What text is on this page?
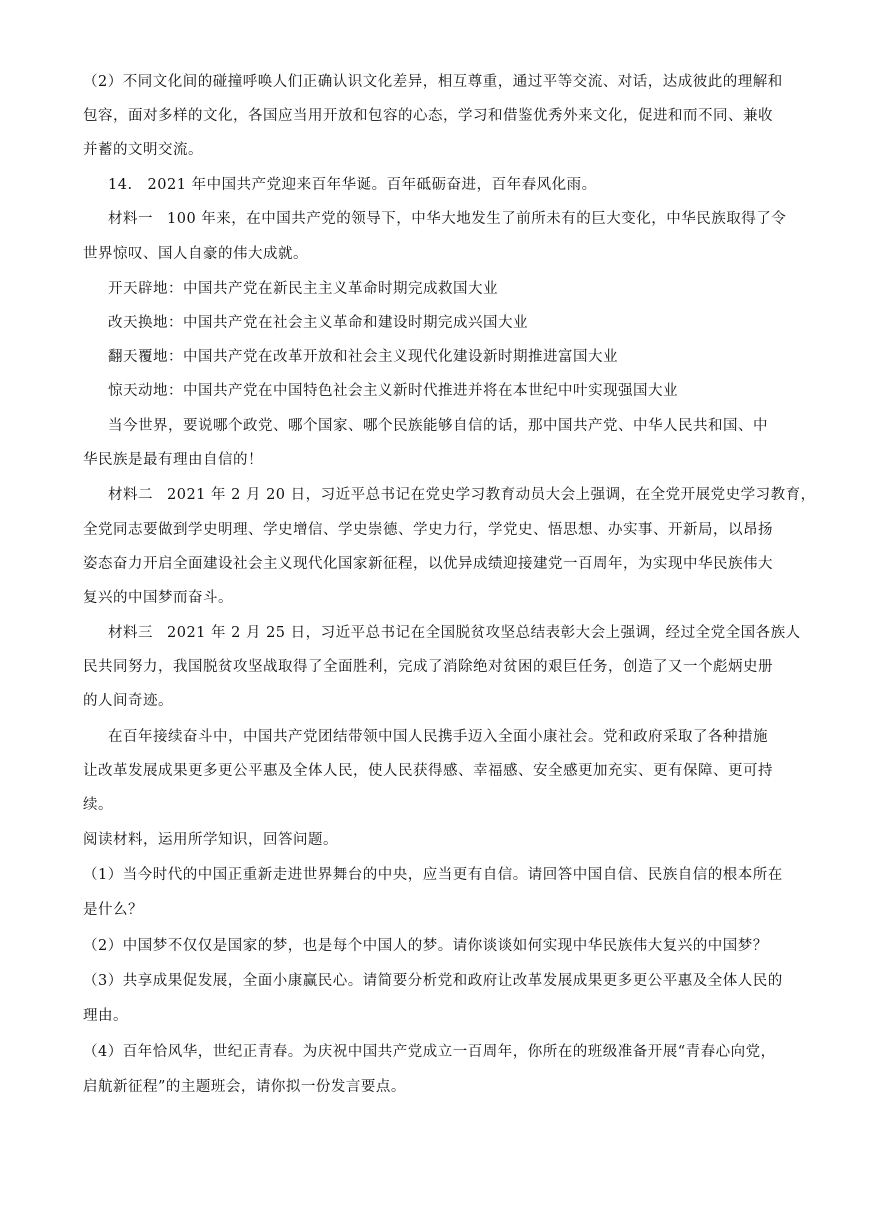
（2）不同文化间的碰撞呼唤人们正确认识文化差异，相互尊重，通过平等交流、对话，达成彼此的理解和
包容，面对多样的文化，各国应当用开放和包容的心态，学习和借鉴优秀外来文化，促进和而不同、兼收
并蓄的文明交流。
14.　2021 年中国共产党迎来百年华诞。百年砥砺奋进，百年春风化雨。
材料一 100 年来，在中国共产党的领导下，中华大地发生了前所未有的巨大变化，中华民族取得了令
世界惊叹、国人自豪的伟大成就。
开天辟地：中国共产党在新民主主义革命时期完成救国大业
改天换地：中国共产党在社会主义革命和建设时期完成兴国大业
翻天覆地：中国共产党在改革开放和社会主义现代化建设新时期推进富国大业
惊天动地：中国共产党在中国特色社会主义新时代推进并将在本世纪中叶实现强国大业
当今世界，要说哪个政党、哪个国家、哪个民族能够自信的话，那中国共产党、中华人民共和国、中
华民族是最有理由自信的！
材料二 2021 年 2 月 20 日，习近平总书记在党史学习教育动员大会上强调，在全党开展党史学习教育，
全党同志要做到学史明理、学史增信、学史崇德、学史力行，学党史、悟思想、办实事、开新局，以昂扬
姿态奋力开启全面建设社会主义现代化国家新征程，以优异成绩迎接建党一百周年，为实现中华民族伟大
复兴的中国梦而奋斗。
材料三 2021 年 2 月 25 日，习近平总书记在全国脱贫攻坚总结表彰大会上强调，经过全党全国各族人
民共同努力，我国脱贫攻坚战取得了全面胜利，完成了消除绝对贫困的艰巨任务，创造了又一个彪炳史册
的人间奇迹。
在百年接续奋斗中，中国共产党团结带领中国人民携手迈入全面小康社会。党和政府采取了各种措施
让改革发展成果更多更公平惠及全体人民，使人民获得感、幸福感、安全感更加充实、更有保障、更可持
续。
阅读材料，运用所学知识，回答问题。
（1）当今时代的中国正重新走进世界舞台的中央，应当更有自信。请回答中国自信、民族自信的根本所在
是什么？
（2）中国梦不仅仅是国家的梦，也是每个中国人的梦。请你谈谈如何实现中华民族伟大复兴的中国梦？
（3）共享成果促发展，全面小康赢民心。请简要分析党和政府让改革发展成果更多更公平惠及全体人民的
理由。
（4）百年恰风华，世纪正青春。为庆祝中国共产党成立一百周年，你所在的班级准备开展“青春心向党，
启航新征程”的主题班会，请你拟一份发言要点。
